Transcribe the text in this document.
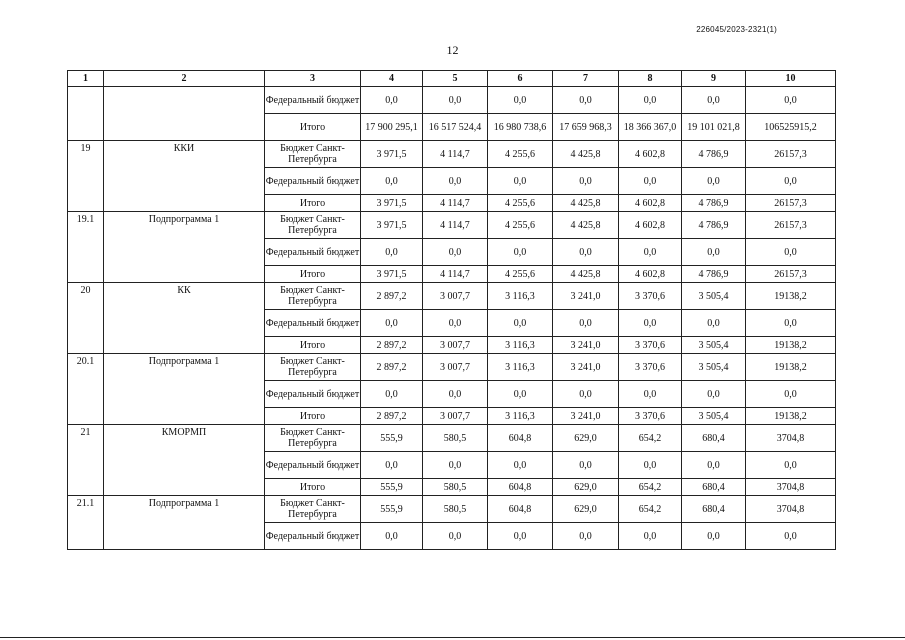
226045/2023-2321(1)
12
1	2	3	4	5	6	7	8	9	10
		Федеральный бюджет	0,0	0,0	0,0	0,0	0,0	0,0	0,0
		Итого	17 900 295,1	16 517 524,4	16 980 738,6	17 659 968,3	18 366 367,0	19 101 021,8	106525915,2
19	ККИ	Бюджет Санкт-Петербурга	3 971,5	4 114,7	4 255,6	4 425,8	4 602,8	4 786,9	26157,3
		Федеральный бюджет	0,0	0,0	0,0	0,0	0,0	0,0	0,0
		Итого	3 971,5	4 114,7	4 255,6	4 425,8	4 602,8	4 786,9	26157,3
19.1	Подпрограмма 1	Бюджет Санкт-Петербурга	3 971,5	4 114,7	4 255,6	4 425,8	4 602,8	4 786,9	26157,3
		Федеральный бюджет	0,0	0,0	0,0	0,0	0,0	0,0	0,0
		Итого	3 971,5	4 114,7	4 255,6	4 425,8	4 602,8	4 786,9	26157,3
20	КК	Бюджет Санкт-Петербурга	2 897,2	3 007,7	3 116,3	3 241,0	3 370,6	3 505,4	19138,2
		Федеральный бюджет	0,0	0,0	0,0	0,0	0,0	0,0	0,0
		Итого	2 897,2	3 007,7	3 116,3	3 241,0	3 370,6	3 505,4	19138,2
20.1	Подпрограмма 1	Бюджет Санкт-Петербурга	2 897,2	3 007,7	3 116,3	3 241,0	3 370,6	3 505,4	19138,2
		Федеральный бюджет	0,0	0,0	0,0	0,0	0,0	0,0	0,0
		Итого	2 897,2	3 007,7	3 116,3	3 241,0	3 370,6	3 505,4	19138,2
21	КМОРМП	Бюджет Санкт-Петербурга	555,9	580,5	604,8	629,0	654,2	680,4	3704,8
		Федеральный бюджет	0,0	0,0	0,0	0,0	0,0	0,0	0,0
		Итого	555,9	580,5	604,8	629,0	654,2	680,4	3704,8
21.1	Подпрограмма 1	Бюджет Санкт-Петербурга	555,9	580,5	604,8	629,0	654,2	680,4	3704,8
		Федеральный бюджет	0,0	0,0	0,0	0,0	0,0	0,0	0,0
